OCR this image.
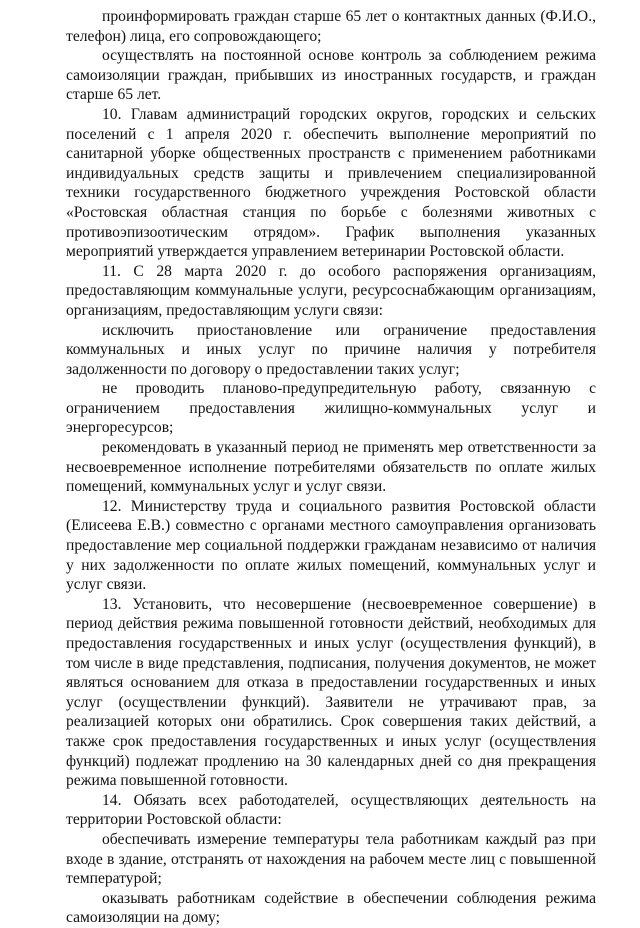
проинформировать граждан старше 65 лет о контактных данных (Ф.И.О., телефон) лица, его сопровождающего;

осуществлять на постоянной основе контроль за соблюдением режима самоизоляции граждан, прибывших из иностранных государств, и граждан старше 65 лет.

10. Главам администраций городских округов, городских и сельских поселений с 1 апреля 2020 г. обеспечить выполнение мероприятий по санитарной уборке общественных пространств с применением работниками индивидуальных средств защиты и привлечением специализированной техники государственного бюджетного учреждения Ростовской области «Ростовская областная станция по борьбе с болезнями животных с противоэпизоотическим отрядом». График выполнения указанных мероприятий утверждается управлением ветеринарии Ростовской области.

11. С 28 марта 2020 г. до особого распоряжения организациям, предоставляющим коммунальные услуги, ресурсоснабжающим организациям, организациям, предоставляющим услуги связи:

исключить приостановление или ограничение предоставления коммунальных и иных услуг по причине наличия у потребителя задолженности по договору о предоставлении таких услуг;

не проводить планово-предупредительную работу, связанную с ограничением предоставления жилищно-коммунальных услуг и энергоресурсов;

рекомендовать в указанный период не применять мер ответственности за несвоевременное исполнение потребителями обязательств по оплате жилых помещений, коммунальных услуг и услуг связи.

12. Министерству труда и социального развития Ростовской области (Елисеева Е.В.) совместно с органами местного самоуправления организовать предоставление мер социальной поддержки гражданам независимо от наличия у них задолженности по оплате жилых помещений, коммунальных услуг и услуг связи.

13. Установить, что несовершение (несвоевременное совершение) в период действия режима повышенной готовности действий, необходимых для предоставления государственных и иных услуг (осуществления функций), в том числе в виде представления, подписания, получения документов, не может являться основанием для отказа в предоставлении государственных и иных услуг (осуществлении функций). Заявители не утрачивают прав, за реализацией которых они обратились. Срок совершения таких действий, а также срок предоставления государственных и иных услуг (осуществления функций) подлежат продлению на 30 календарных дней со дня прекращения режима повышенной готовности.

14. Обязать всех работодателей, осуществляющих деятельность на территории Ростовской области:

обеспечивать измерение температуры тела работникам каждый раз при входе в здание, отстранять от нахождения на рабочем месте лиц с повышенной температурой;

оказывать работникам содействие в обеспечении соблюдения режима самоизоляции на дому;
